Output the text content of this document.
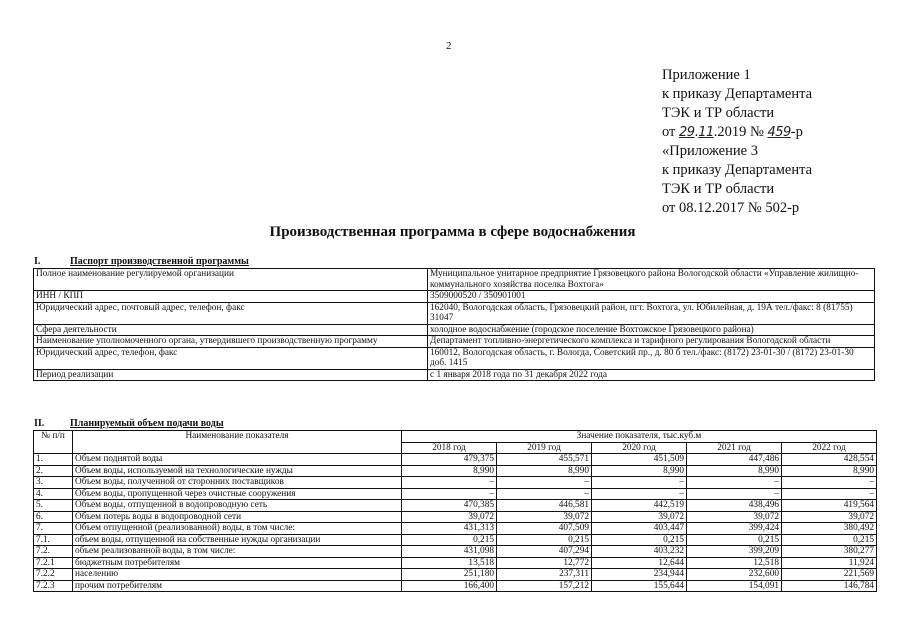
2
Приложение 1
к приказу Департамента
ТЭК и ТР области
от 29.11.2019 № 459-р
«Приложение 3
к приказу Департамента
ТЭК и ТР области
от 08.12.2017 № 502-р
Производственная программа в сфере водоснабжения
I.	Паспорт производственной программы
Полное наименование регулируемой организации	Муниципальное унитарное предприятие Грязовецкого района Вологодской области «Управление жилищно-коммунального хозяйства поселка Вохтога»
ИНН / КПП	3509000520 / 350901001
Юридический адрес, почтовый адрес, телефон, факс	162040, Вологодская область, Грязовецкий район, пгт. Вохтога, ул. Юбилейная, д. 19А тел./факс: 8 (81755) 31047
Сфера деятельности	холодное водоснабжение (городское поселение Вохтожское Грязовецкого района)
Наименование уполномоченного органа, утвердившего производственную программу	Департамент топливно-энергетического комплекса и тарифного регулирования Вологодской области
Юридический адрес, телефон, факс	160012, Вологодская область, г. Вологда, Советский пр., д. 80 б тел./факс: (8172) 23-01-30 / (8172) 23-01-30 доб. 1415
Период реализации	с 1 января 2018 года по 31 декабря 2022 года
II.	Планируемый объем подачи воды
№ п/п	Наименование показателя	Значение показателя, тыс.куб.м				
		2018 год	2019 год	2020 год	2021 год	2022 год
1.	Объем поднятой воды	479,375	455,571	451,509	447,486	428,554
2.	Объем воды, используемой на технологические нужды	8,990	8,990	8,990	8,990	8,990
3.	Объем воды, полученной от сторонних поставщиков	–	–	–	–	–
4.	Объем воды, пропущенной через очистные сооружения	–	–	–	–	–
5.	Объем воды, отпущенной в водопроводную сеть	470,385	446,581	442,519	438,496	419,564
6.	Объем потерь воды в водопроводной сети	39,072	39,072	39,072	39,072	39,072
7.	Объем отпущенной (реализованной) воды, в том числе:	431,313	407,509	403,447	399,424	380,492
7.1.	объем воды, отпущенной на собственные нужды организации	0,215	0,215	0,215	0,215	0,215
7.2.	объем реализованной воды, в том числе:	431,098	407,294	403,232	399,209	380,277
7.2.1	бюджетным потребителям	13,518	12,772	12,644	12,518	11,924
7.2.2	населению	251,180	237,311	234,944	232,600	221,569
7.2.3	прочим потребителям	166,400	157,212	155,644	154,091	146,784
